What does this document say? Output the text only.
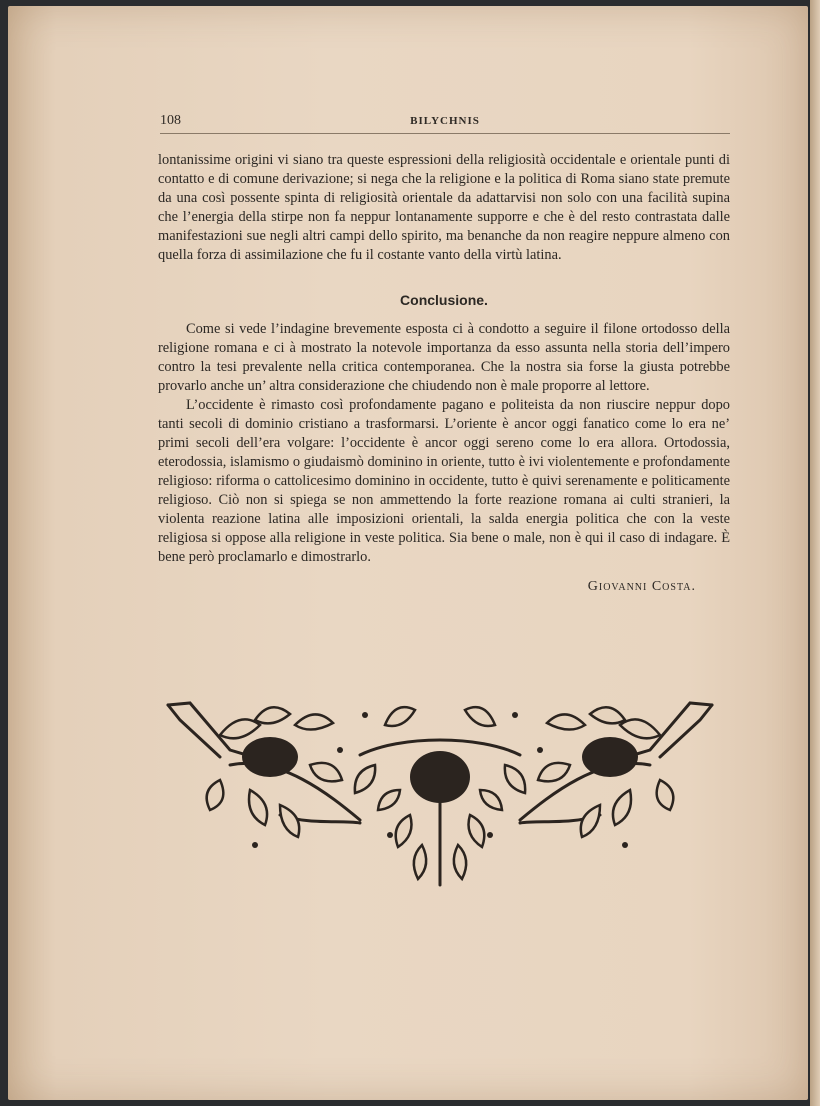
108	BILYCHNIS

lontanissime origini vi siano tra queste espressioni della religiosità occidentale e orientale punti di contatto e di comune derivazione; si nega che la religione e la politica di Roma siano state premute da una così possente spinta di religiosità orientale da adattarvisi non solo con una facilità supina che l’energia della stirpe non fa neppur lontanamente supporre e che è del resto contrastata dalle manifestazioni sue negli altri campi dello spirito, ma benanche da non reagire neppure almeno con quella forza di assimilazione che fu il costante vanto della virtù latina.

Conclusione.

Come si vede l’indagine brevemente esposta ci à condotto a seguire il filone ortodosso della religione romana e ci à mostrato la notevole importanza da esso assunta nella storia dell’impero contro la tesi prevalente nella critica contemporanea. Che la nostra sia forse la giusta potrebbe provarlo anche un’ altra considerazione che chiudendo non è male proporre al lettore.

L’occidente è rimasto così profondamente pagano e politeista da non riuscire neppur dopo tanti secoli di dominio cristiano a trasformarsi. L’oriente è ancor oggi fanatico come lo era ne’ primi secoli dell’era volgare: l’occidente è ancor oggi sereno come lo era allora. Ortodossia, eterodossia, islamismo o giudaismò dominino in oriente, tutto è ivi violentemente e profondamente religioso: riforma o cattolicesimo dominino in occidente, tutto è quivi serenamente e politicamente religioso. Ciò non si spiega se non ammettendo la forte reazione romana ai culti stranieri, la violenta reazione latina alle imposizioni orientali, la salda energia politica che con la veste religiosa si oppose alla religione in veste politica. Sia bene o male, non è qui il caso di indagare. È bene però proclamarlo e dimostrarlo.

Giovanni Costa.
